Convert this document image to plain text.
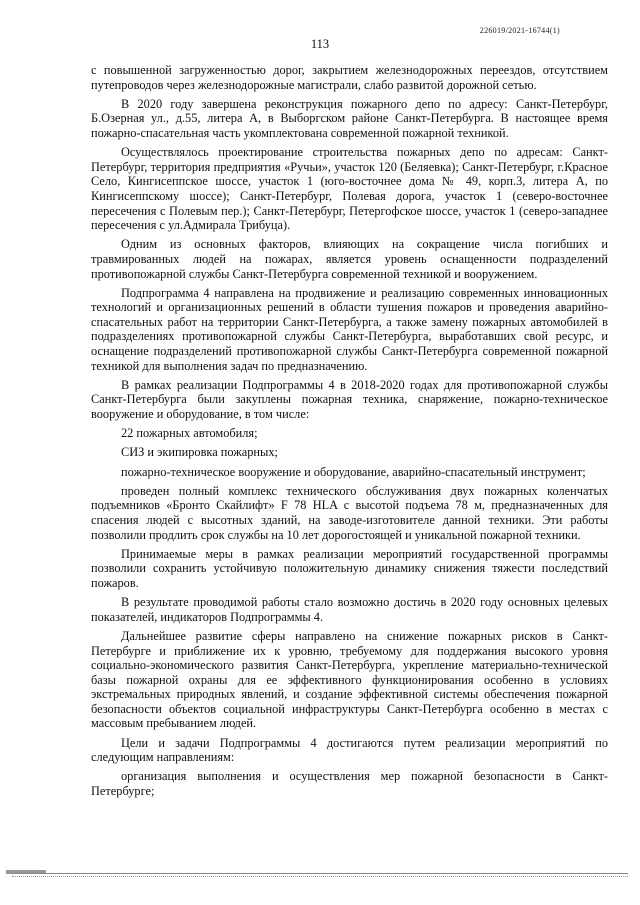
226019/2021-16744(1)
113

с повышенной загруженностью дорог, закрытием железнодорожных переездов, отсутствием путепроводов через железнодорожные магистрали, слабо развитой дорожной сетью.

В 2020 году завершена реконструкция пожарного депо по адресу: Санкт-Петербург, Б.Озерная ул., д.55, литера А, в Выборгском районе Санкт-Петербурга. В настоящее время пожарно-спасательная часть укомплектована современной пожарной техникой.

Осуществлялось проектирование строительства пожарных депо по адресам: Санкт-Петербург, территория предприятия «Ручьи», участок 120 (Беляевка); Санкт-Петербург, г.Красное Село, Кингисеппское шоссе, участок 1 (юго-восточнее дома № 49, корп.3, литера А, по Кингисеппскому шоссе); Санкт-Петербург, Полевая дорога, участок 1 (северо-восточнее пересечения с Полевым пер.); Санкт-Петербург, Петергофское шоссе, участок 1 (северо-западнее пересечения с ул.Адмирала Трибуца).

Одним из основных факторов, влияющих на сокращение числа погибших и травмированных людей на пожарах, является уровень оснащенности подразделений противопожарной службы Санкт-Петербурга современной техникой и вооружением.

Подпрограмма 4 направлена на продвижение и реализацию современных инновационных технологий и организационных решений в области тушения пожаров и проведения аварийно-спасательных работ на территории Санкт-Петербурга, а также замену пожарных автомобилей в подразделениях противопожарной службы Санкт-Петербурга, выработавших свой ресурс, и оснащение подразделений противопожарной службы Санкт-Петербурга современной пожарной техникой для выполнения задач по предназначению.

В рамках реализации Подпрограммы 4 в 2018-2020 годах для противопожарной службы Санкт-Петербурга были закуплены пожарная техника, снаряжение, пожарно-техническое вооружение и оборудование, в том числе:

22 пожарных автомобиля;

СИЗ и экипировка пожарных;

пожарно-техническое вооружение и оборудование, аварийно-спасательный инструмент;

проведен полный комплекс технического обслуживания двух пожарных коленчатых подъемников «Бронто Скайлифт» F 78 HLA с высотой подъема 78 м, предназначенных для спасения людей с высотных зданий, на заводе-изготовителе данной техники. Эти работы позволили продлить срок службы на 10 лет дорогостоящей и уникальной пожарной техники.

Принимаемые меры в рамках реализации мероприятий государственной программы позволили сохранить устойчивую положительную динамику снижения тяжести последствий пожаров.

В результате проводимой работы стало возможно достичь в 2020 году основных целевых показателей, индикаторов Подпрограммы 4.

Дальнейшее развитие сферы направлено на снижение пожарных рисков в Санкт-Петербурге и приближение их к уровню, требуемому для поддержания высокого уровня социально-экономического развития Санкт-Петербурга, укрепление материально-технической базы пожарной охраны для ее эффективного функционирования особенно в условиях экстремальных природных явлений, и создание эффективной системы обеспечения пожарной безопасности объектов социальной инфраструктуры Санкт-Петербурга особенно в местах с массовым пребыванием людей.

Цели и задачи Подпрограммы 4 достигаются путем реализации мероприятий по следующим направлениям:

организация выполнения и осуществления мер пожарной безопасности в Санкт-Петербурге;
